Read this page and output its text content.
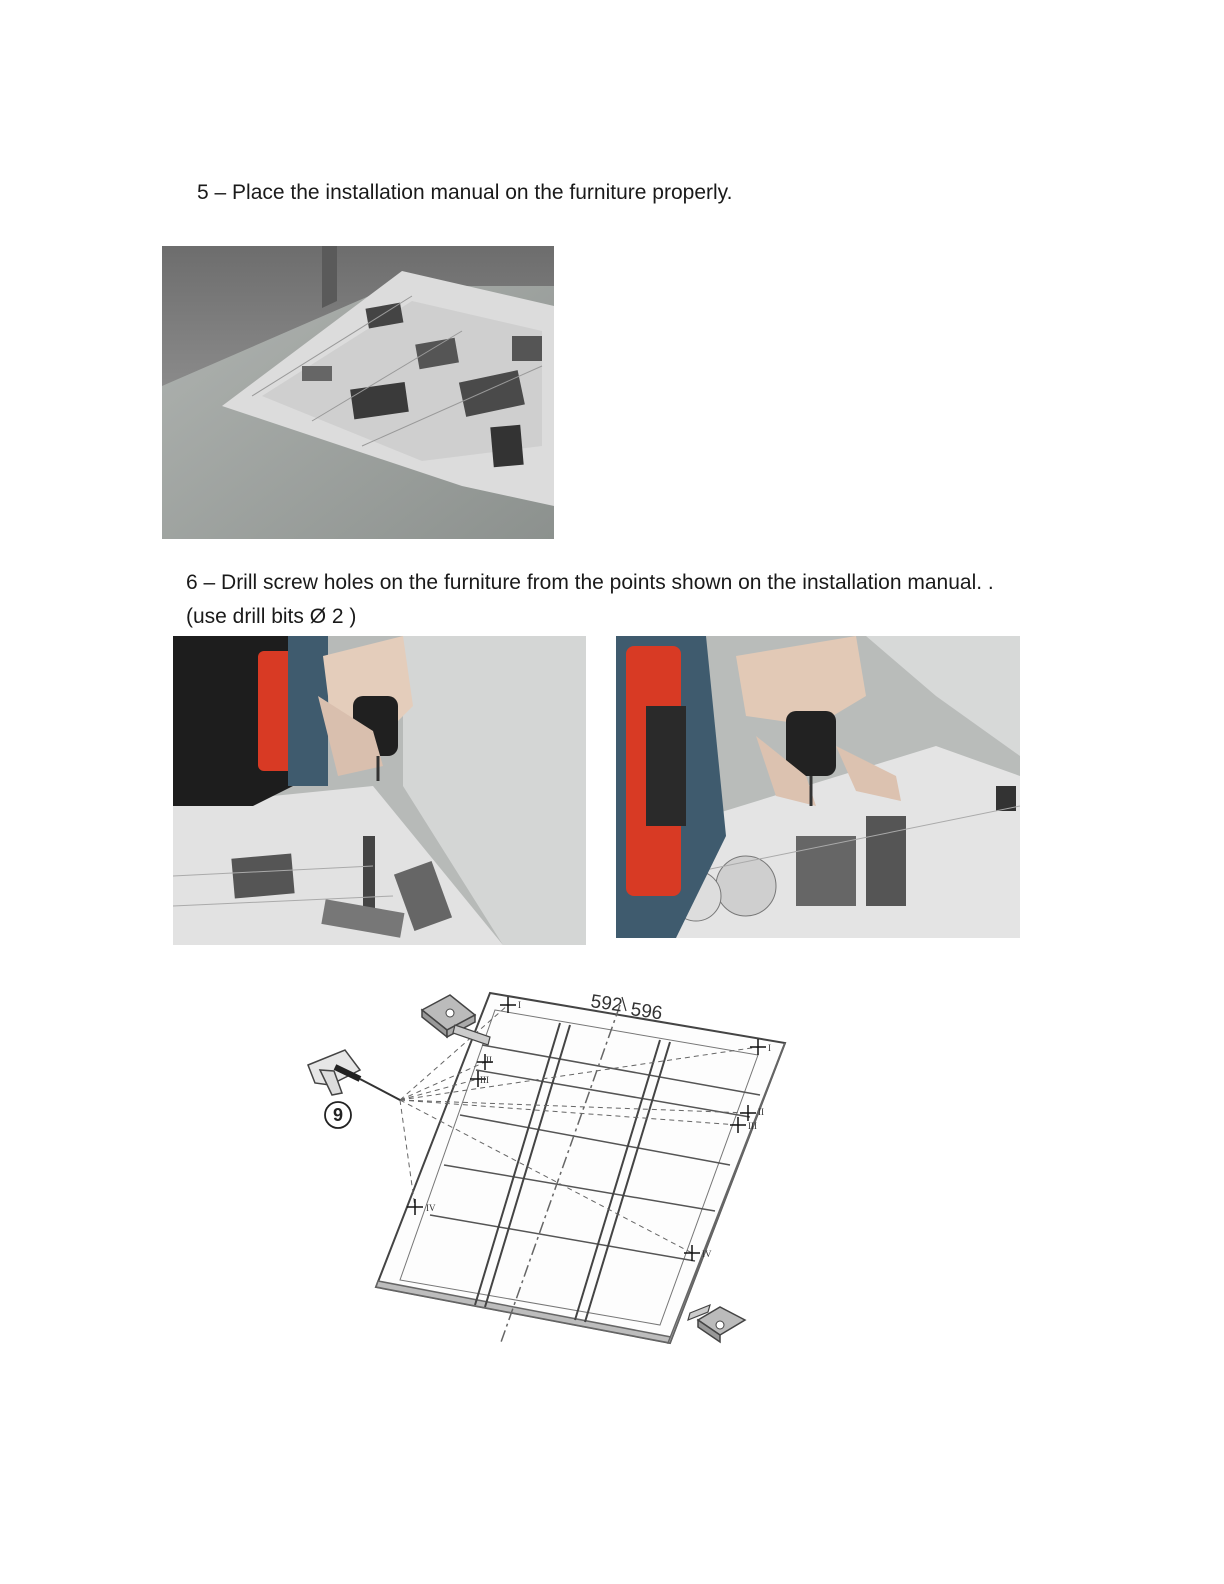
5 – Place the installation manual on the furniture properly.

6 – Drill screw holes on the furniture from the points shown on the installation manual. .
(use drill bits Ø 2 )

I
II
III
IV
I
II
III
IV
592 596
9
